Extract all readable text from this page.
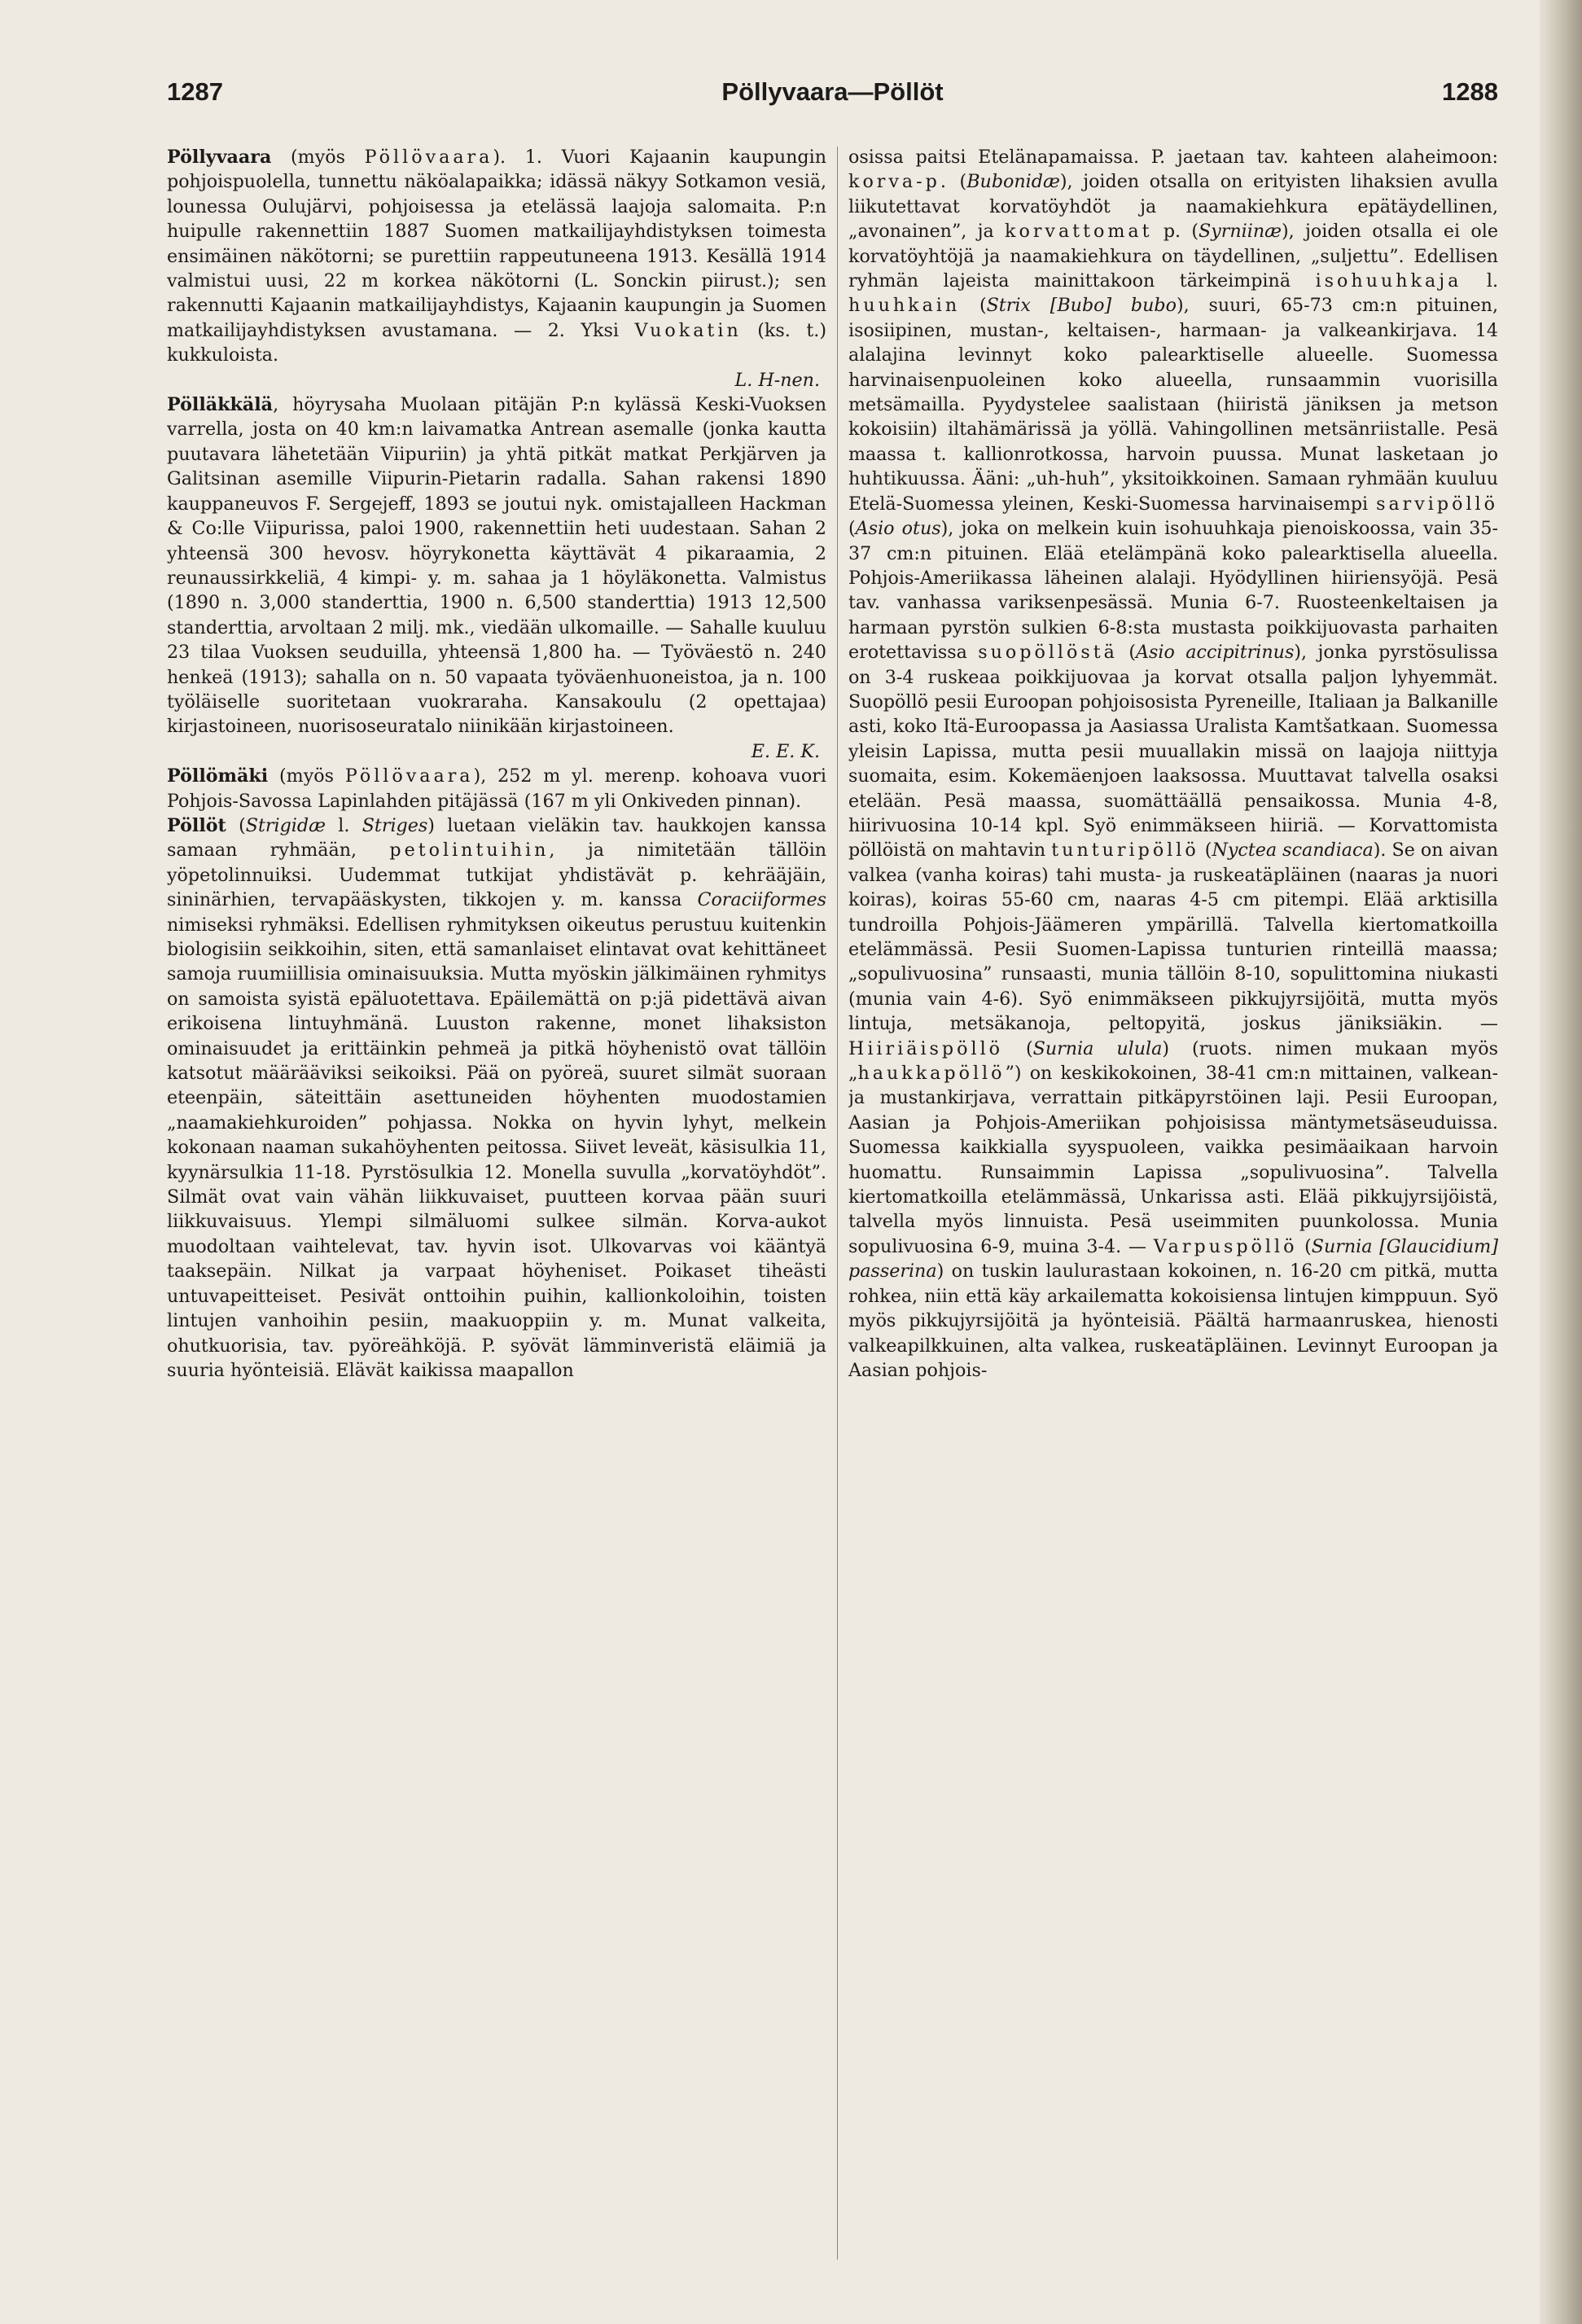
1287	Pöllyvaara—Pöllöt	1288

Pöllyvaara (myös Pöllövaara). 1. Vuori Kajaanin kaupungin pohjoispuolella, tunnettu näköalapaikka; idässä näkyy Sotkamon vesiä, lounessa Oulujärvi, pohjoisessa ja etelässä laajoja salomaita. P:n huipulle rakennettiin 1887 Suomen matkailijayhdistyksen toimesta ensimäinen näkötorni; se purettiin rappeutuneena 1913. Kesällä 1914 valmistui uusi, 22 m korkea näkötorni (L. Sonckin piirust.); sen rakennutti Kajaanin matkailijayhdistys, Kajaanin kaupungin ja Suomen matkailijayhdistyksen avustamana. — 2. Yksi Vuokatin (ks. t.) kukkuloista.

L. H-nen.

Pölläkkälä, höyrysaha Muolaan pitäjän P:n kylässä Keski-Vuoksen varrella, josta on 40 km:n laivamatka Antrean asemalle (jonka kautta puutavara lähetetään Viipuriin) ja yhtä pitkät matkat Perkjärven ja Galitsinan asemille Viipurin-Pietarin radalla. Sahan rakensi 1890 kauppaneuvos F. Sergejeff, 1893 se joutui nyk. omistajalleen Hackman & Co:lle Viipurissa, paloi 1900, rakennettiin heti uudestaan. Sahan 2 yhteensä 300 hevosv. höyrykonetta käyttävät 4 pikaraamia, 2 reunaussirkkeliä, 4 kimpi- y. m. sahaa ja 1 höyläkonetta. Valmistus (1890 n. 3,000 standerttia, 1900 n. 6,500 standerttia) 1913 12,500 standerttia, arvoltaan 2 milj. mk., viedään ulkomaille. — Sahalle kuuluu 23 tilaa Vuoksen seuduilla, yhteensä 1,800 ha. — Työväestö n. 240 henkeä (1913); sahalla on n. 50 vapaata työväenhuoneistoa, ja n. 100 työläiselle suoritetaan vuokraraha. Kansakoulu (2 opettajaa) kirjastoineen, nuorisoseuratalo niinikään kirjastoineen.

E. E. K.

Pöllömäki (myös Pöllövaara), 252 m yl. merenp. kohoava vuori Pohjois-Savossa Lapinlahden pitäjässä (167 m yli Onkiveden pinnan).

Pöllöt (Strigidæ l. Striges) luetaan vieläkin tav. haukkojen kanssa samaan ryhmään, petolintuihin, ja nimitetään tällöin yöpetolinnuiksi. Uudemmat tutkijat yhdistävät p. kehrääjäin, sininärhien, tervapääskysten, tikkojen y. m. kanssa Coraciiformes nimiseksi ryhmäksi. Edellisen ryhmityksen oikeutus perustuu kuitenkin biologisiin seikkoihin, siten, että samanlaiset elintavat ovat kehittäneet samoja ruumiillisia ominaisuuksia. Mutta myöskin jälkimäinen ryhmitys on samoista syistä epäluotettava. Epäilemättä on p:jä pidettävä aivan erikoisena lintuyhmänä. Luuston rakenne, monet lihaksiston ominaisuudet ja erittäinkin pehmeä ja pitkä höyhenistö ovat tällöin katsotut määrääviksi seikoiksi. Pää on pyöreä, suuret silmät suoraan eteenpäin, säteittäin asettuneiden höyhenten muodostamien „naamakiehkuroiden” pohjassa. Nokka on hyvin lyhyt, melkein kokonaan naaman sukahöyhenten peitossa. Siivet leveät, käsisulkia 11, kyynärsulkia 11-18. Pyrstösulkia 12. Monella suvulla „korvatöyhdöt”. Silmät ovat vain vähän liikkuvaiset, puutteen korvaa pään suuri liikkuvaisuus. Ylempi silmäluomi sulkee silmän. Korva-aukot muodoltaan vaihtelevat, tav. hyvin isot. Ulkovarvas voi kääntyä taaksepäin. Nilkat ja varpaat höyheniset. Poikaset tiheästi untuvapeitteiset. Pesivät onttoihin puihin, kallionkoloihin, toisten lintujen vanhoihin pesiin, maakuoppiin y. m. Munat valkeita, ohutkuorisia, tav. pyöreähköjä. P. syövät lämminveristä eläimiä ja suuria hyönteisiä. Elävät kaikissa maapallon

osissa paitsi Etelänapamaissa. P. jaetaan tav. kahteen alaheimoon: korva-p. (Bubonidæ), joiden otsalla on erityisten lihaksien avulla liikutettavat korvatöyhdöt ja naamakiehkura epätäydellinen, „avonainen”, ja korvattomat p. (Syrniinæ), joiden otsalla ei ole korvatöyhtöjä ja naamakiehkura on täydellinen, „suljettu”. Edellisen ryhmän lajeista mainittakoon tärkeimpinä isohuuhkaja l. huuhkain (Strix [Bubo] bubo), suuri, 65-73 cm:n pituinen, isosiipinen, mustan-, keltaisen-, harmaan- ja valkeankirjava. 14 alalajina levinnyt koko palearktiselle alueelle. Suomessa harvinaisenpuoleinen koko alueella, runsaammin vuorisilla metsämailla. Pyydystelee saalistaan (hiiristä jäniksen ja metson kokoisiin) iltahämärissä ja yöllä. Vahingollinen metsänriistalle. Pesä maassa t. kallionrotkossa, harvoin puussa. Munat lasketaan jo huhtikuussa. Ääni: „uh-huh”, yksitoikkoinen. Samaan ryhmään kuuluu Etelä-Suomessa yleinen, Keski-Suomessa harvinaisempi sarvipöllö (Asio otus), joka on melkein kuin isohuuhkaja pienoiskoossa, vain 35-37 cm:n pituinen. Elää etelämpänä koko palearktisella alueella. Pohjois-Ameriikassa läheinen alalaji. Hyödyllinen hiiriensyöjä. Pesä tav. vanhassa variksenpesässä. Munia 6-7. Ruosteenkeltaisen ja harmaan pyrstön sulkien 6-8:sta mustasta poikkijuovasta parhaiten erotettavissa suopöllöstä (Asio accipitrinus), jonka pyrstösulissa on 3-4 ruskeaa poikkijuovaa ja korvat otsalla paljon lyhyemmät. Suopöllö pesii Euroopan pohjoisosista Pyreneille, Italiaan ja Balkanille asti, koko Itä-Euroopassa ja Aasiassa Uralista Kamtšatkaan. Suomessa yleisin Lapissa, mutta pesii muuallakin missä on laajoja niittyja suomaita, esim. Kokemäenjoen laaksossa. Muuttavat talvella osaksi etelään. Pesä maassa, suomättäällä pensaikossa. Munia 4-8, hiirivuosina 10-14 kpl. Syö enimmäkseen hiiriä. — Korvattomista pöllöistä on mahtavin tunturipöllö (Nyctea scandiaca). Se on aivan valkea (vanha koiras) tahi musta- ja ruskeatäpläinen (naaras ja nuori koiras), koiras 55-60 cm, naaras 4-5 cm pitempi. Elää arktisilla tundroilla Pohjois-Jäämeren ympärillä. Talvella kiertomatkoilla etelämmässä. Pesii Suomen-Lapissa tunturien rinteillä maassa; „sopulivuosina” runsaasti, munia tällöin 8-10, sopulittomina niukasti (munia vain 4-6). Syö enimmäkseen pikkujyrsijöitä, mutta myös lintuja, metsäkanoja, peltopyitä, joskus jäniksiäkin. — Hiiriäispöllö (Surnia ulula) (ruots. nimen mukaan myös „haukkapöllö”) on keskikokoinen, 38-41 cm:n mittainen, valkean- ja mustankirjava, verrattain pitkäpyrstöinen laji. Pesii Euroopan, Aasian ja Pohjois-Ameriikan pohjoisissa mäntymetsäseuduissa. Suomessa kaikkialla syyspuoleen, vaikka pesimäaikaan harvoin huomattu. Runsaimmin Lapissa „sopulivuosina”. Talvella kiertomatkoilla etelämmässä, Unkarissa asti. Elää pikkujyrsijöistä, talvella myös linnuista. Pesä useimmiten puunkolossa. Munia sopulivuosina 6-9, muina 3-4. — Varpuspöllö (Surnia [Glaucidium] passerina) on tuskin laulurastaan kokoinen, n. 16-20 cm pitkä, mutta rohkea, niin että käy arkailematta kokoisiensa lintujen kimppuun. Syö myös pikkujyrsijöitä ja hyönteisiä. Päältä harmaanruskea, hienosti valkeapilkkuinen, alta valkea, ruskeatäpläinen. Levinnyt Euroopan ja Aasian pohjois-
